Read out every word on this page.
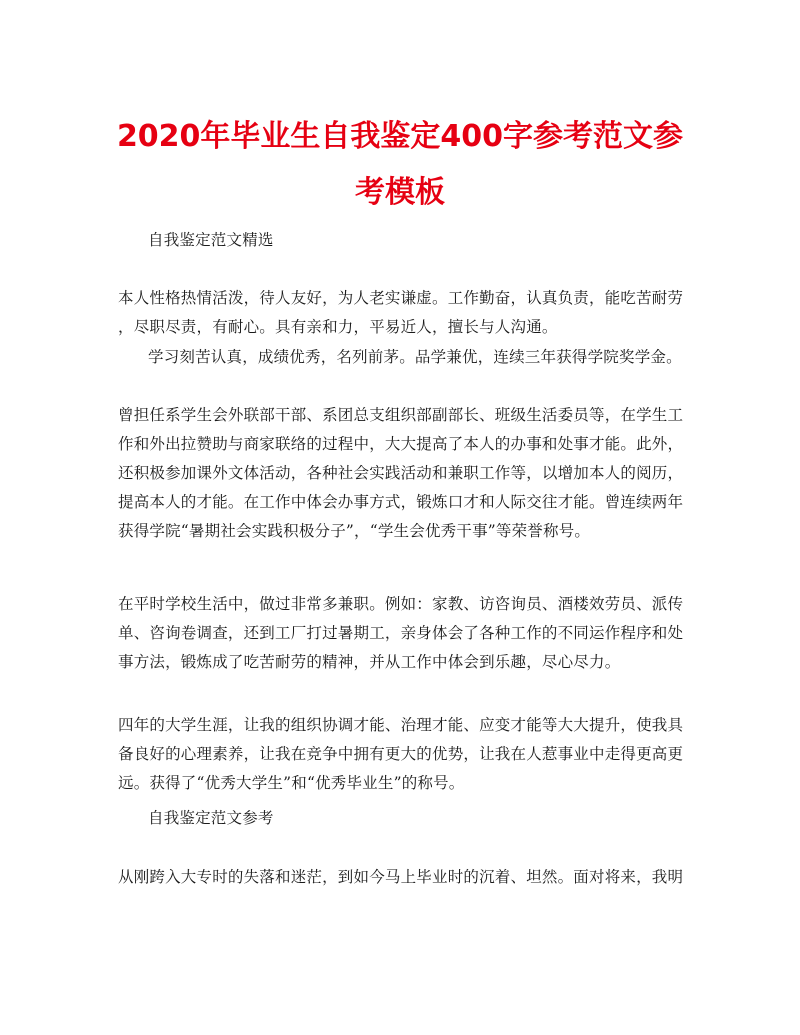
2020年毕业生自我鉴定400字参考范文参
考模板
自我鉴定范文精选
本人性格热情活泼，待人友好，为人老实谦虚。工作勤奋，认真负责，能吃苦耐劳
，尽职尽责，有耐心。具有亲和力，平易近人，擅长与人沟通。
学习刻苦认真，成绩优秀，名列前茅。品学兼优，连续三年获得学院奖学金。
曾担任系学生会外联部干部、系团总支组织部副部长、班级生活委员等，在学生工
作和外出拉赞助与商家联络的过程中，大大提高了本人的办事和处事才能。此外，
还积极参加课外文体活动，各种社会实践活动和兼职工作等，以增加本人的阅历，
提高本人的才能。在工作中体会办事方式，锻炼口才和人际交往才能。曾连续两年
获得学院“暑期社会实践积极分子”，“学生会优秀干事”等荣誉称号。
在平时学校生活中，做过非常多兼职。例如：家教、访咨询员、酒楼效劳员、派传
单、咨询卷调查，还到工厂打过暑期工，亲身体会了各种工作的不同运作程序和处
事方法，锻炼成了吃苦耐劳的精神，并从工作中体会到乐趣，尽心尽力。
四年的大学生涯，让我的组织协调才能、治理才能、应变才能等大大提升，使我具
备良好的心理素养，让我在竞争中拥有更大的优势，让我在人惹事业中走得更高更
远。获得了“优秀大学生”和“优秀毕业生”的称号。
自我鉴定范文参考
从刚跨入大专时的失落和迷茫，到如今马上毕业时的沉着、坦然。面对将来，我明
